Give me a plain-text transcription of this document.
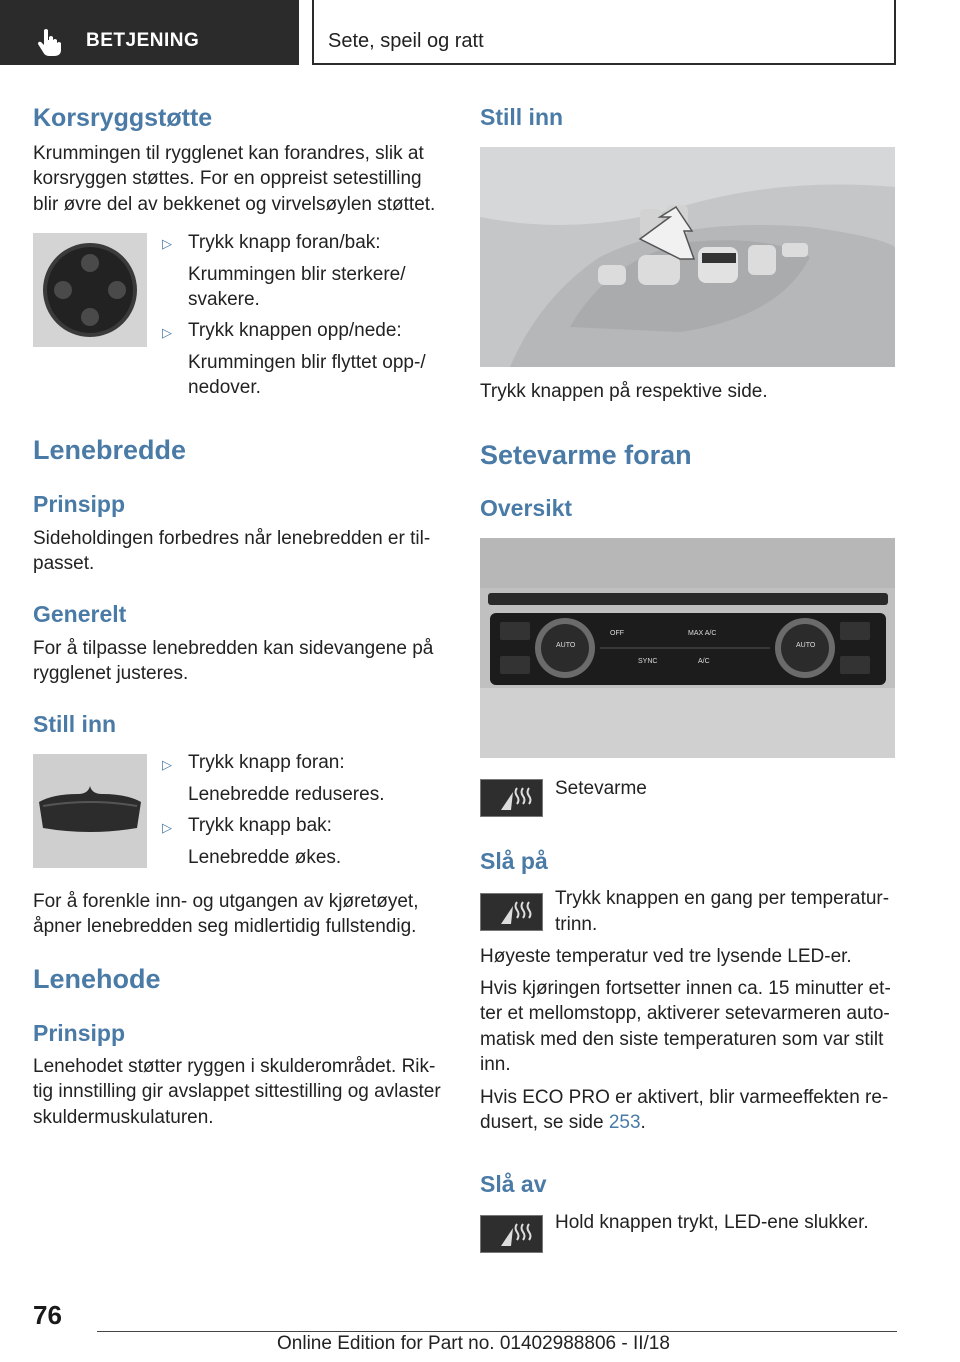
BETJENING	Sete, speil og ratt
Korsryggstøtte
Krummingen til rygglenet kan forandres, slik at
korsryggen støttes. For en oppreist setestilling
blir øvre del av bekkenet og virvelsøylen støttet.
▷ Trykk knapp foran/bak:
Krummingen blir sterkere/
svakere.
▷ Trykk knappen opp/nede:
Krummingen blir flyttet opp-/
nedover.
Lenebredde
Prinsipp
Sideholdingen forbedres når lenebredden er til-
passet.
Generelt
For å tilpasse lenebredden kan sidevangene på
rygglenet justeres.
Still inn
▷ Trykk knapp foran:
Lenebredde reduseres.
▷ Trykk knapp bak:
Lenebredde økes.
For å forenkle inn- og utgangen av kjøretøyet,
åpner lenebredden seg midlertidig fullstendig.
Lenehode
Prinsipp
Lenehodet støtter ryggen i skulderområdet. Rik-
tig innstilling gir avslappet sittestilling og avlaster
skuldermuskulaturen.
Still inn
Trykk knappen på respektive side.
Setevarme foran
Oversikt
AUTO	AUTO
OFF	MAX A/C
SYNC	A/C
Setevarme
Slå på
Trykk knappen en gang per temperatur-
trinn.
Høyeste temperatur ved tre lysende LED-er.
Hvis kjøringen fortsetter innen ca. 15 minutter et-
ter et mellomstopp, aktiverer setevarmeren auto-
matisk med den siste temperaturen som var stilt
inn.
Hvis ECO PRO er aktivert, blir varmeeffekten re-
dusert, se side 253.
Slå av
Hold knappen trykt, LED-ene slukker.
76
Online Edition for Part no. 01402988806 - II/18
